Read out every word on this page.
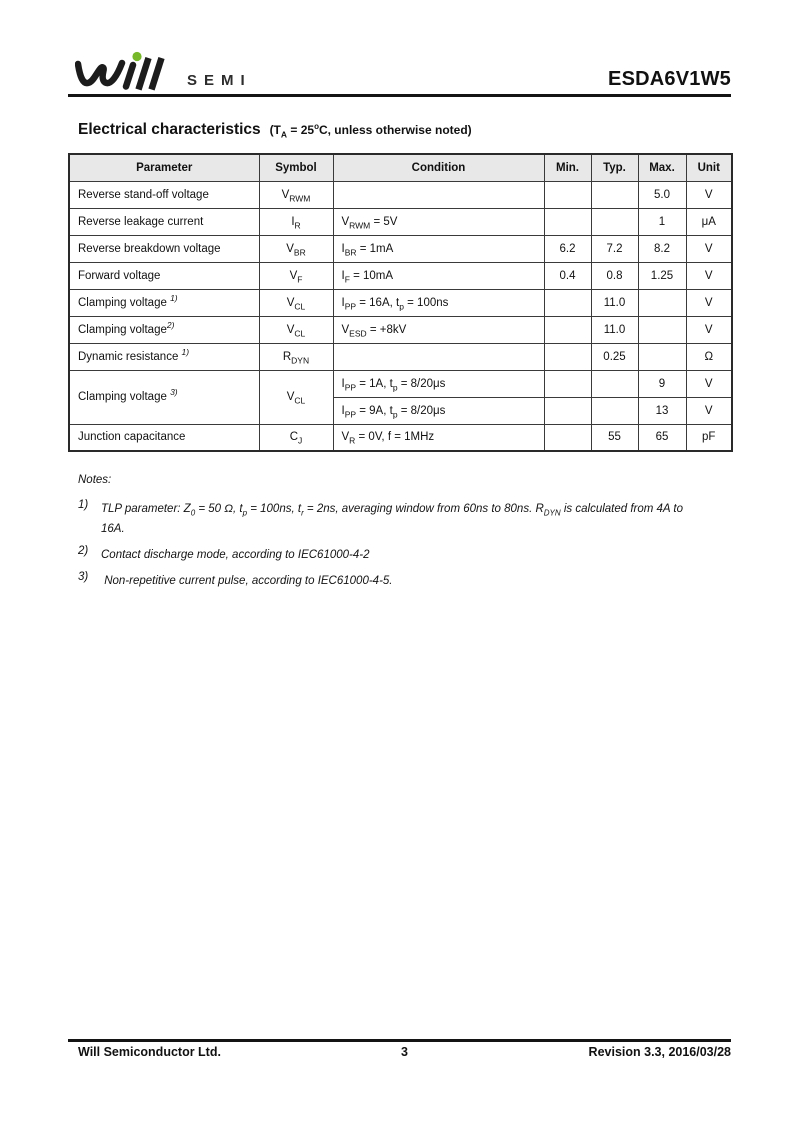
SEMI	ESDA6V1W5
Electrical characteristics ($T_A = 25^oC$, unless otherwise noted)
Parameter	Symbol	Condition	Min.	Typ.	Max.	Unit
Reverse stand-off voltage	$V_{RWM}$				5.0	V
Reverse leakage current	$I_R$	$V_{RWM} = 5V$			1	μA
Reverse breakdown voltage	$V_{BR}$	$I_{BR} = 1mA$	6.2	7.2	8.2	V
Forward voltage	$V_F$	$I_F = 10mA$	0.4	0.8	1.25	V
Clamping voltage $^{1)}$	$V_{CL}$	$I_{PP} = 16A$, $t_p = 100ns$		11.0		V
Clamping voltage$^{2)}$	$V_{CL}$	$V_{ESD} = +8kV$		11.0		V
Dynamic resistance $^{1)}$	$R_{DYN}$			0.25		Ω
Clamping voltage $^{3)}$	$V_{CL}$	$I_{PP} = 1A$, $t_p = 8/20\mu s$			9	V
		$I_{PP} = 9A$, $t_p = 8/20\mu s$			13	V
Junction capacitance	$C_J$	$V_R = 0V$, f = 1MHz		55	65	pF
Notes:
1)	TLP parameter: $Z_0 = 50$ Ω, $t_p = 100ns$, $t_r = 2ns$, averaging window from 60ns to 80ns. $R_{DYN}$ is calculated from 4A to 16A.
2)	Contact discharge mode, according to IEC61000-4-2
3)	Non-repetitive current pulse, according to IEC61000-4-5.
Will Semiconductor Ltd.	3	Revision 3.3, 2016/03/28
